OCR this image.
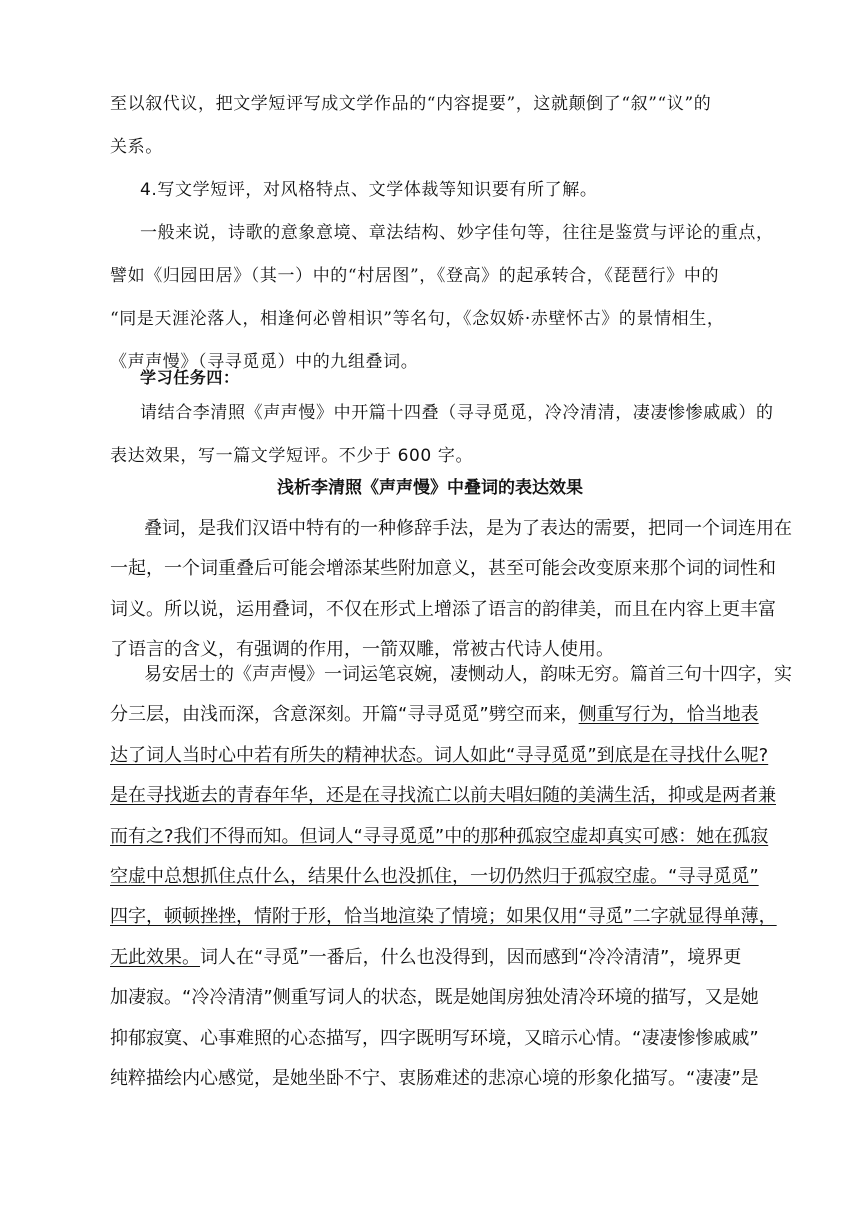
至以叙代议，把文学短评写成文学作品的“内容提要”，这就颠倒了“叙”“议”的
关系。
4.写文学短评，对风格特点、文学体裁等知识要有所了解。
一般来说，诗歌的意象意境、章法结构、妙字佳句等，往往是鉴赏与评论的重点，
譬如《归园田居》（其一）中的“村居图”，《登高》的起承转合，《琵琶行》中的
“同是天涯沦落人，相逢何必曾相识”等名句，《念奴娇·赤壁怀古》的景情相生，
《声声慢》（寻寻觅觅）中的九组叠词。
学习任务四：
请结合李清照《声声慢》中开篇十四叠（寻寻觅觅，冷冷清清，凄凄惨惨戚戚）的
表达效果，写一篇文学短评。不少于 600 字。
浅析李清照《声声慢》中叠词的表达效果
叠词，是我们汉语中特有的一种修辞手法，是为了表达的需要，把同一个词连用在
一起，一个词重叠后可能会增添某些附加意义，甚至可能会改变原来那个词的词性和
词义。所以说，运用叠词，不仅在形式上增添了语言的韵律美，而且在内容上更丰富
了语言的含义，有强调的作用，一箭双雕，常被古代诗人使用。
易安居士的《声声慢》一词运笔哀婉，凄恻动人，韵味无穷。篇首三句十四字，实
分三层，由浅而深，含意深刻。开篇“寻寻觅觅”劈空而来，侧重写行为，恰当地表
达了词人当时心中若有所失的精神状态。词人如此“寻寻觅觅”到底是在寻找什么呢?
是在寻找逝去的青春年华，还是在寻找流亡以前夫唱妇随的美满生活，抑或是两者兼
而有之?我们不得而知。但词人“寻寻觅觅”中的那种孤寂空虚却真实可感：她在孤寂
空虚中总想抓住点什么，结果什么也没抓住，一切仍然归于孤寂空虚。“寻寻觅觅”
四字，顿顿挫挫，情附于形，恰当地渲染了情境；如果仅用“寻觅”二字就显得单薄，
无此效果。词人在“寻觅”一番后，什么也没得到，因而感到“冷冷清清”，境界更
加凄寂。“冷冷清清”侧重写词人的状态，既是她闺房独处清冷环境的描写，又是她
抑郁寂寞、心事难照的心态描写，四字既明写环境，又暗示心情。“凄凄惨惨戚戚”
纯粹描绘内心感觉，是她坐卧不宁、衷肠难述的悲凉心境的形象化描写。“凄凄”是
